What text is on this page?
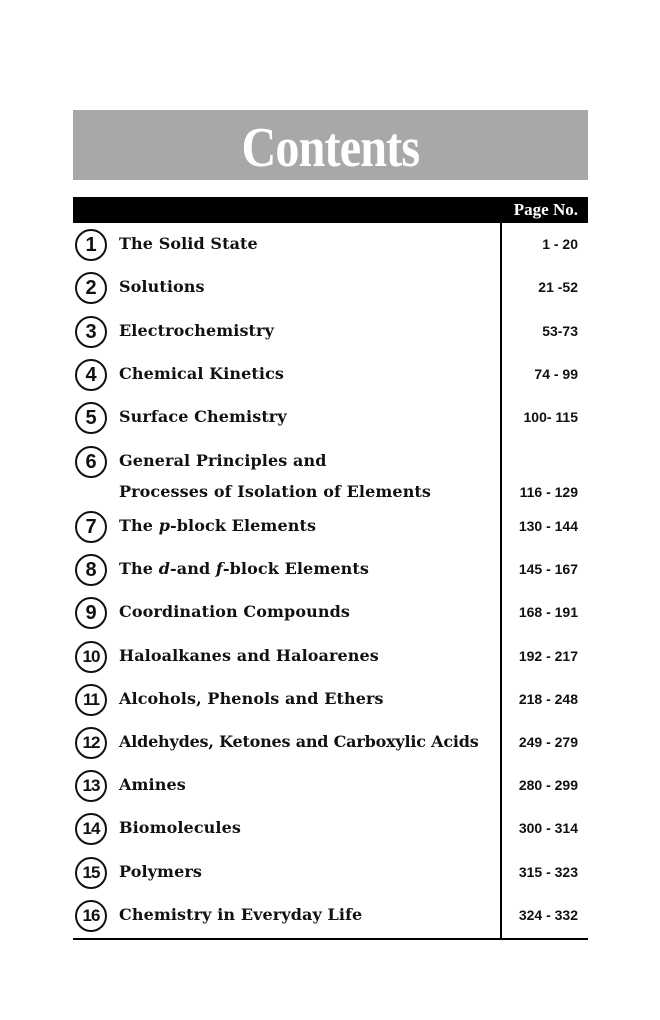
Contents
Page No.
1	The Solid State	1 - 20
2	Solutions	21 -52
3	Electrochemistry	53-73
4	Chemical Kinetics	74 - 99
5	Surface Chemistry	100- 115
6	General Principles and
Processes of Isolation of Elements	116 - 129
7	The p-block Elements	130 - 144
8	The d-and f-block Elements	145 - 167
9	Coordination Compounds	168 - 191
10	Haloalkanes and Haloarenes	192 - 217
11	Alcohols, Phenols and Ethers	218 - 248
12	Aldehydes, Ketones and Carboxylic Acids	249 - 279
13	Amines	280 - 299
14	Biomolecules	300 - 314
15	Polymers	315 - 323
16	Chemistry in Everyday Life	324 - 332
